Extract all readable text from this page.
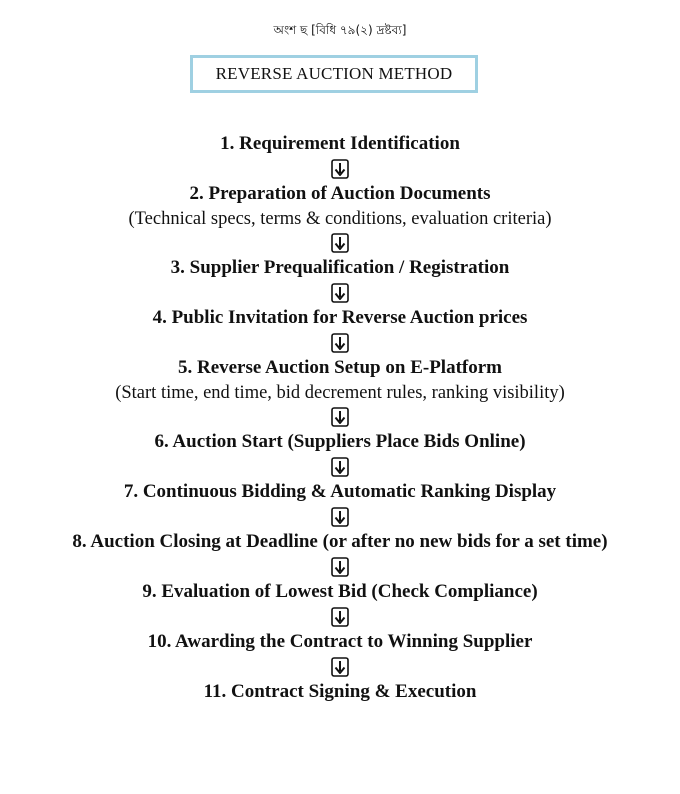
অংশ ছ [বিধি ৭৯(২) দ্রষ্টব্য]
REVERSE AUCTION METHOD
1. Requirement Identification
2. Preparation of Auction Documents
(Technical specs, terms & conditions, evaluation criteria)
3. Supplier Prequalification / Registration
4. Public Invitation for Reverse Auction prices
5. Reverse Auction Setup on E-Platform
(Start time, end time, bid decrement rules, ranking visibility)
6. Auction Start (Suppliers Place Bids Online)
7. Continuous Bidding & Automatic Ranking Display
8. Auction Closing at Deadline (or after no new bids for a set time)
9. Evaluation of Lowest Bid (Check Compliance)
10. Awarding the Contract to Winning Supplier
11. Contract Signing & Execution
